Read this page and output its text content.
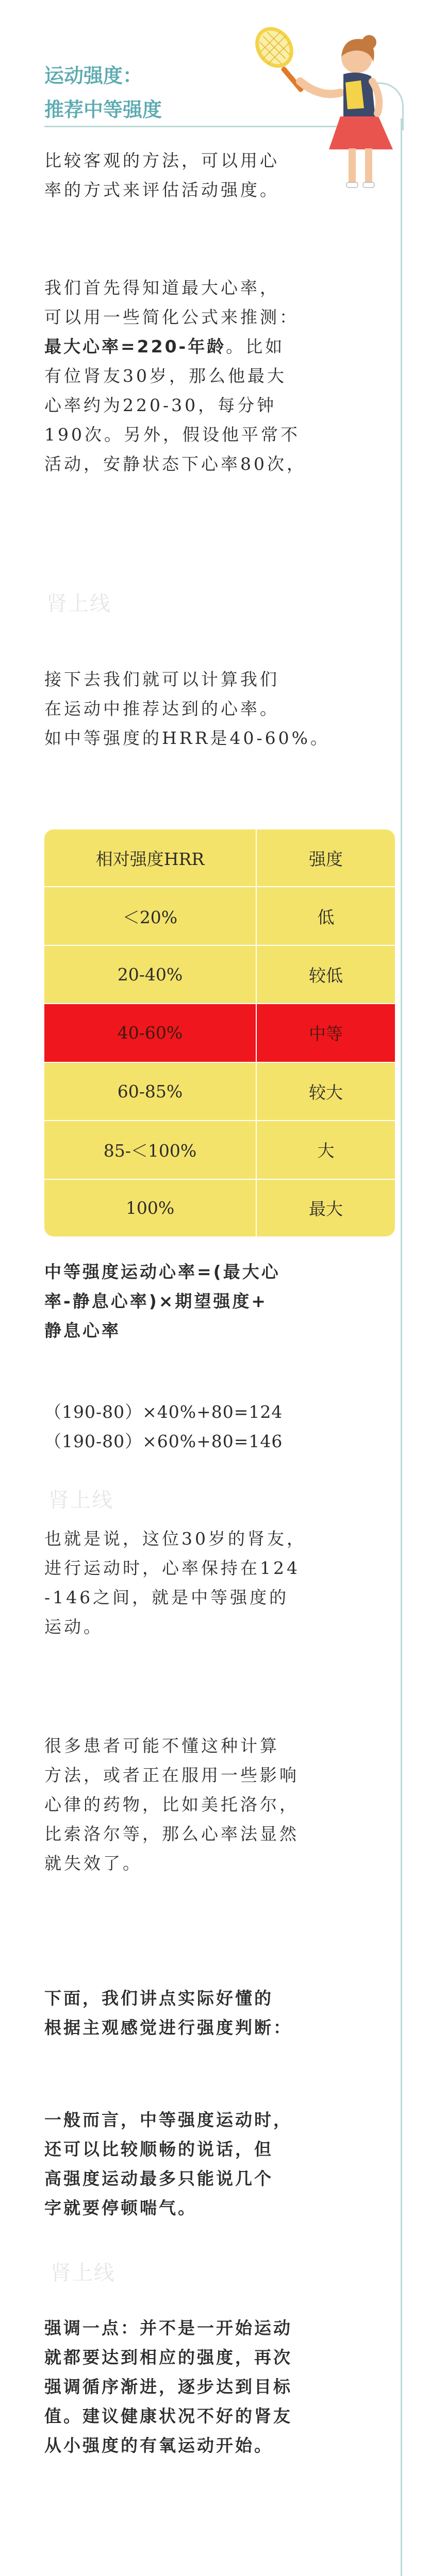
运动强度：
推荐中等强度
比较客观的方法，可以用心
率的方式来评估活动强度。
我们首先得知道最大心率，
可以用一些简化公式来推测：
最大心率=220-年龄。比如
有位肾友30岁，那么他最大
心率约为220-30，每分钟
190次。另外，假设他平常不
活动，安静状态下心率80次，
接下去我们就可以计算我们
在运动中推荐达到的心率。
如中等强度的HRR是40-60%。
相对强度HRR	强度
＜20%	低
20-40%	较低
40-60%	中等
60-85%	较大
85-＜100%	大
100%	最大
中等强度运动心率=(最大心
率-静息心率)×期望强度+
静息心率
（190-80）×40%+80=124
（190-80）×60%+80=146
也就是说，这位30岁的肾友，
进行运动时，心率保持在124
-146之间，就是中等强度的
运动。
很多患者可能不懂这种计算
方法，或者正在服用一些影响
心律的药物，比如美托洛尔，
比索洛尔等，那么心率法显然
就失效了。
下面，我们讲点实际好懂的
根据主观感觉进行强度判断：
一般而言，中等强度运动时，
还可以比较顺畅的说话，但
高强度运动最多只能说几个
字就要停顿喘气。
强调一点：并不是一开始运动
就都要达到相应的强度，再次
强调循序渐进，逐步达到目标
值。建议健康状况不好的肾友
从小强度的有氧运动开始。
肾上线
肾上线
肾上线
